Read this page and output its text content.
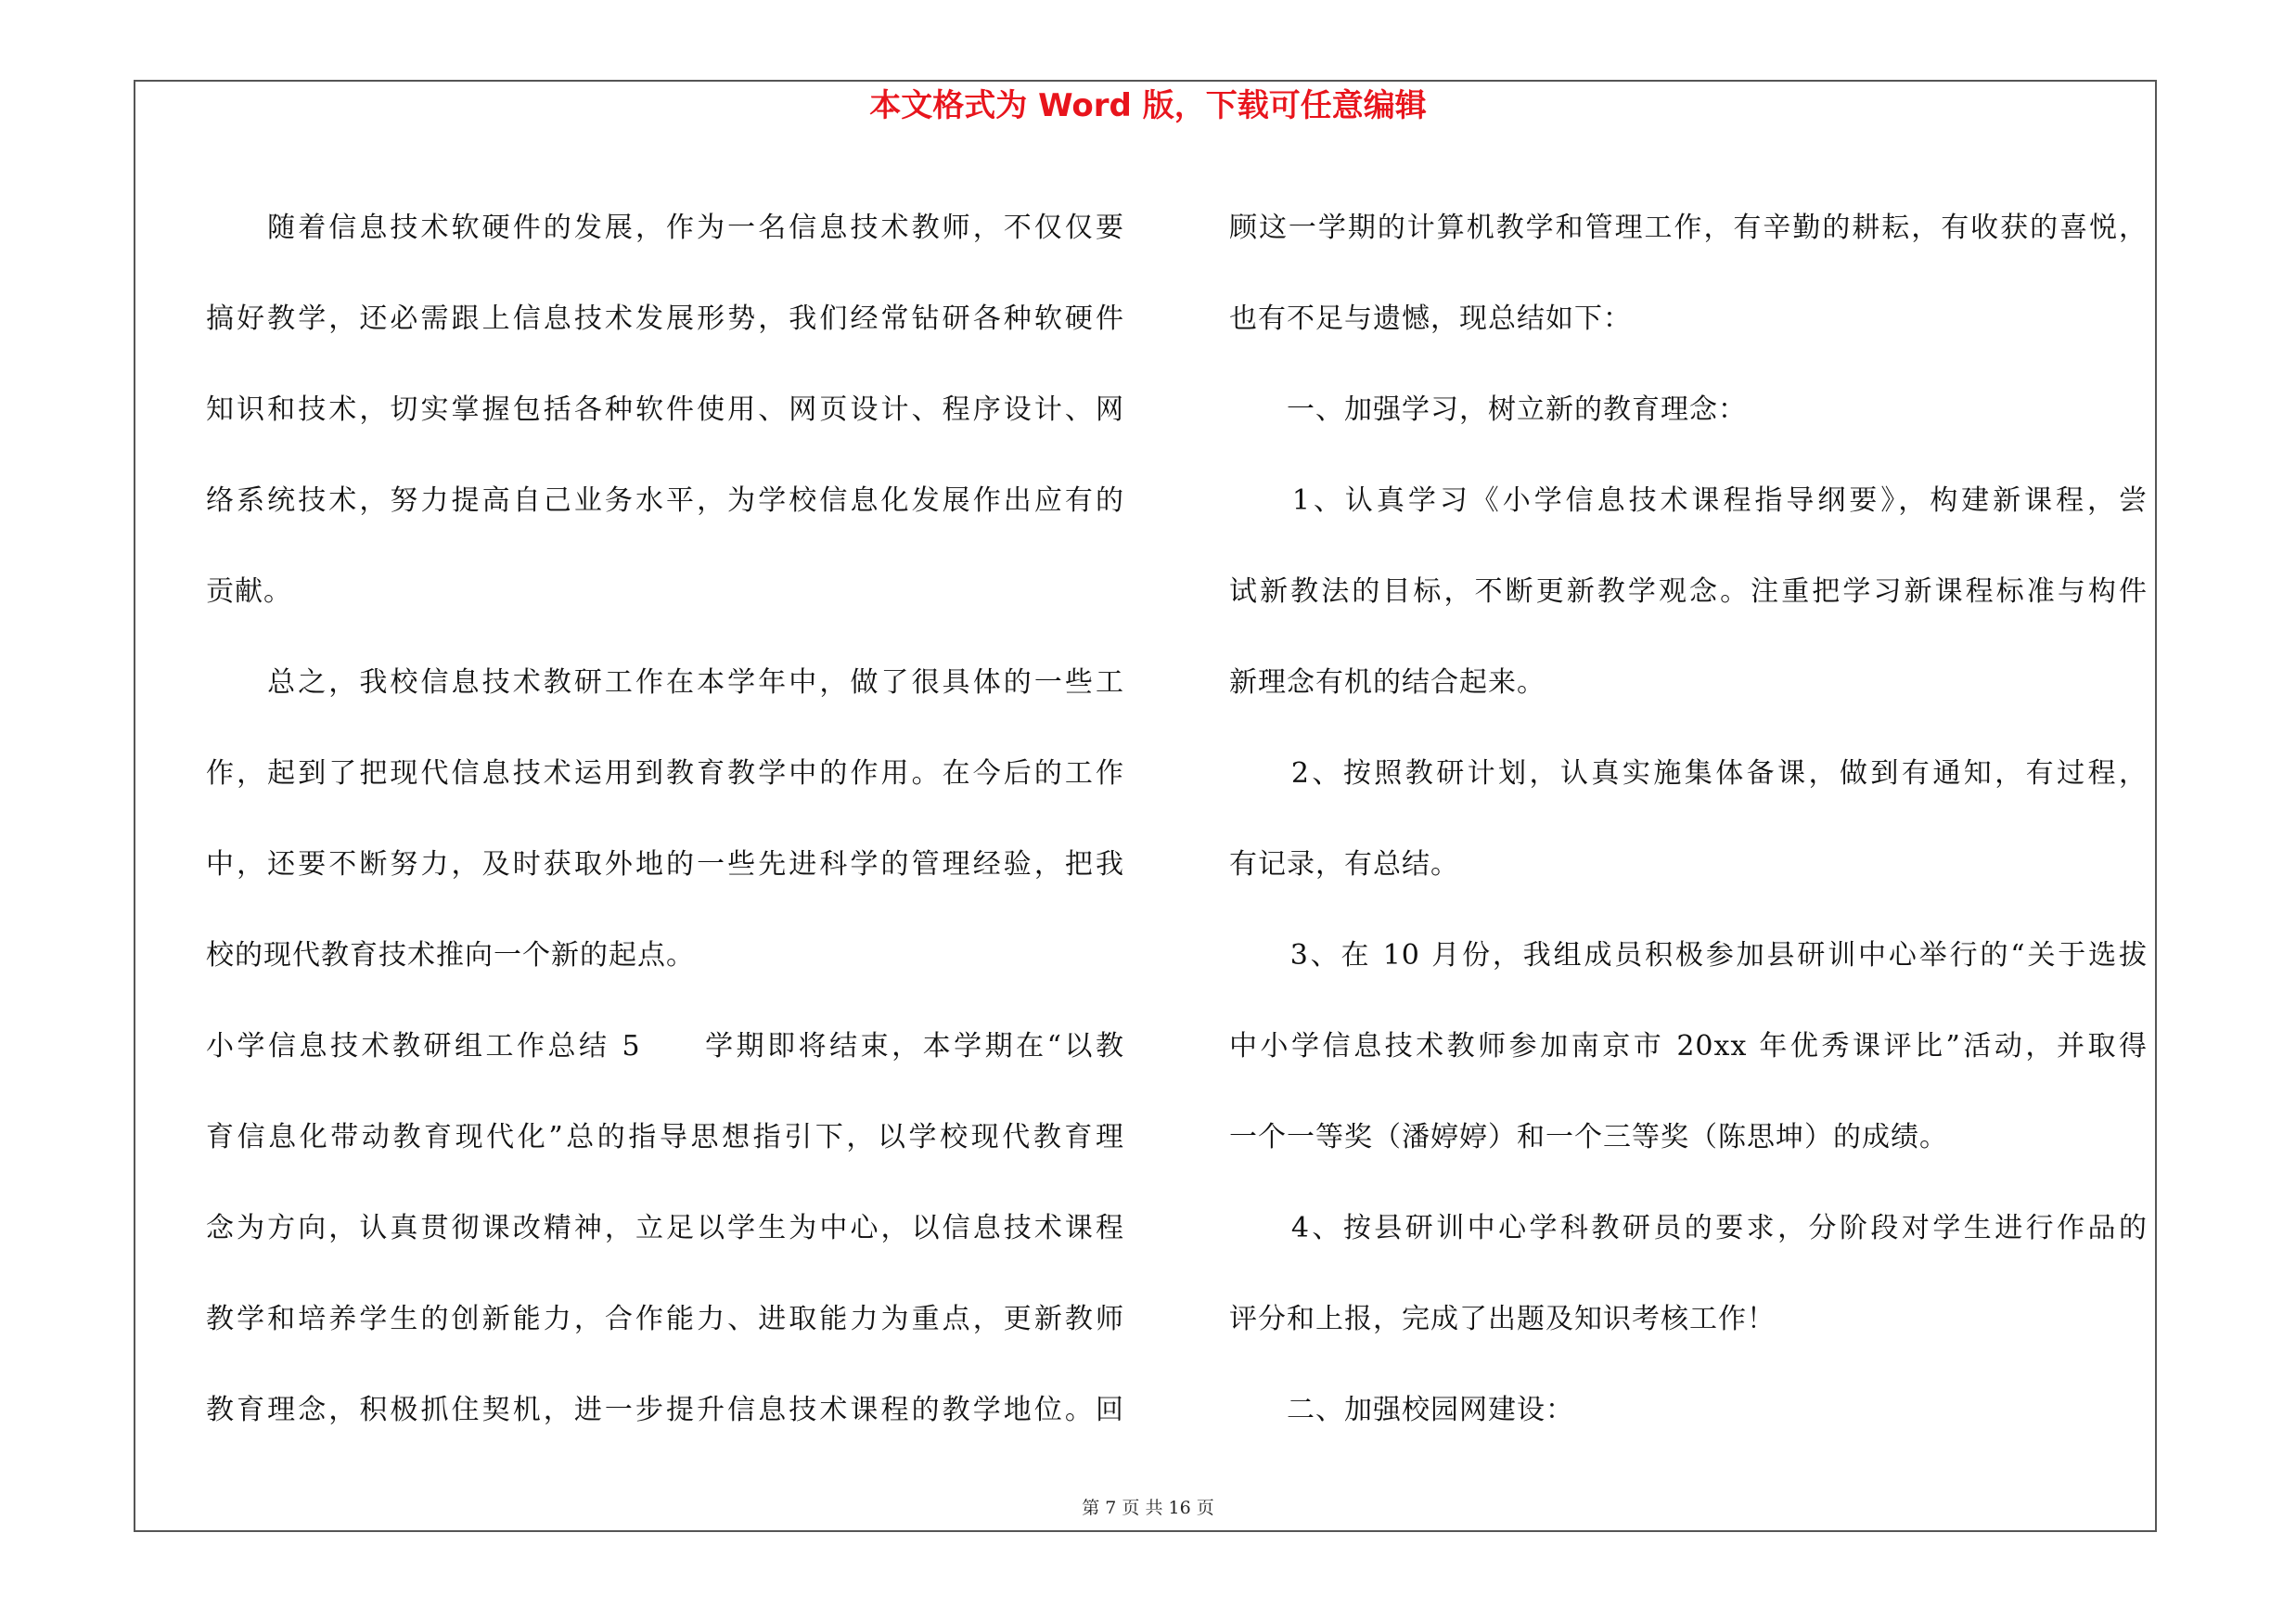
本文格式为 Word 版，下载可任意编辑
　　随着信息技术软硬件的发展，作为一名信息技术教师，不仅仅要
搞好教学，还必需跟上信息技术发展形势，我们经常钻研各种软硬件
知识和技术，切实掌握包括各种软件使用、网页设计、程序设计、网
络系统技术，努力提高自己业务水平，为学校信息化发展作出应有的
贡献。
　　总之，我校信息技术教研工作在本学年中，做了很具体的一些工
作，起到了把现代信息技术运用到教育教学中的作用。在今后的工作
中，还要不断努力，及时获取外地的一些先进科学的管理经验，把我
校的现代教育技术推向一个新的起点。
小学信息技术教研组工作总结 5　　学期即将结束，本学期在“以教
育信息化带动教育现代化”总的指导思想指引下，以学校现代教育理
念为方向，认真贯彻课改精神，立足以学生为中心，以信息技术课程
教学和培养学生的创新能力，合作能力、进取能力为重点，更新教师
教育理念，积极抓住契机，进一步提升信息技术课程的教学地位。回
顾这一学期的计算机教学和管理工作，有辛勤的耕耘，有收获的喜悦，
也有不足与遗憾，现总结如下：
　　一、加强学习，树立新的教育理念：
　　1、认真学习《小学信息技术课程指导纲要》，构建新课程，尝
试新教法的目标，不断更新教学观念。注重把学习新课程标准与构件
新理念有机的结合起来。
　　2、按照教研计划，认真实施集体备课，做到有通知，有过程，
有记录，有总结。
　　3、在 10 月份，我组成员积极参加县研训中心举行的“关于选拔
中小学信息技术教师参加南京市 20xx 年优秀课评比”活动，并取得
一个一等奖（潘婷婷）和一个三等奖（陈思坤）的成绩。
　　4、按县研训中心学科教研员的要求，分阶段对学生进行作品的
评分和上报，完成了出题及知识考核工作！
　　二、加强校园网建设：
第 7 页 共 16 页
